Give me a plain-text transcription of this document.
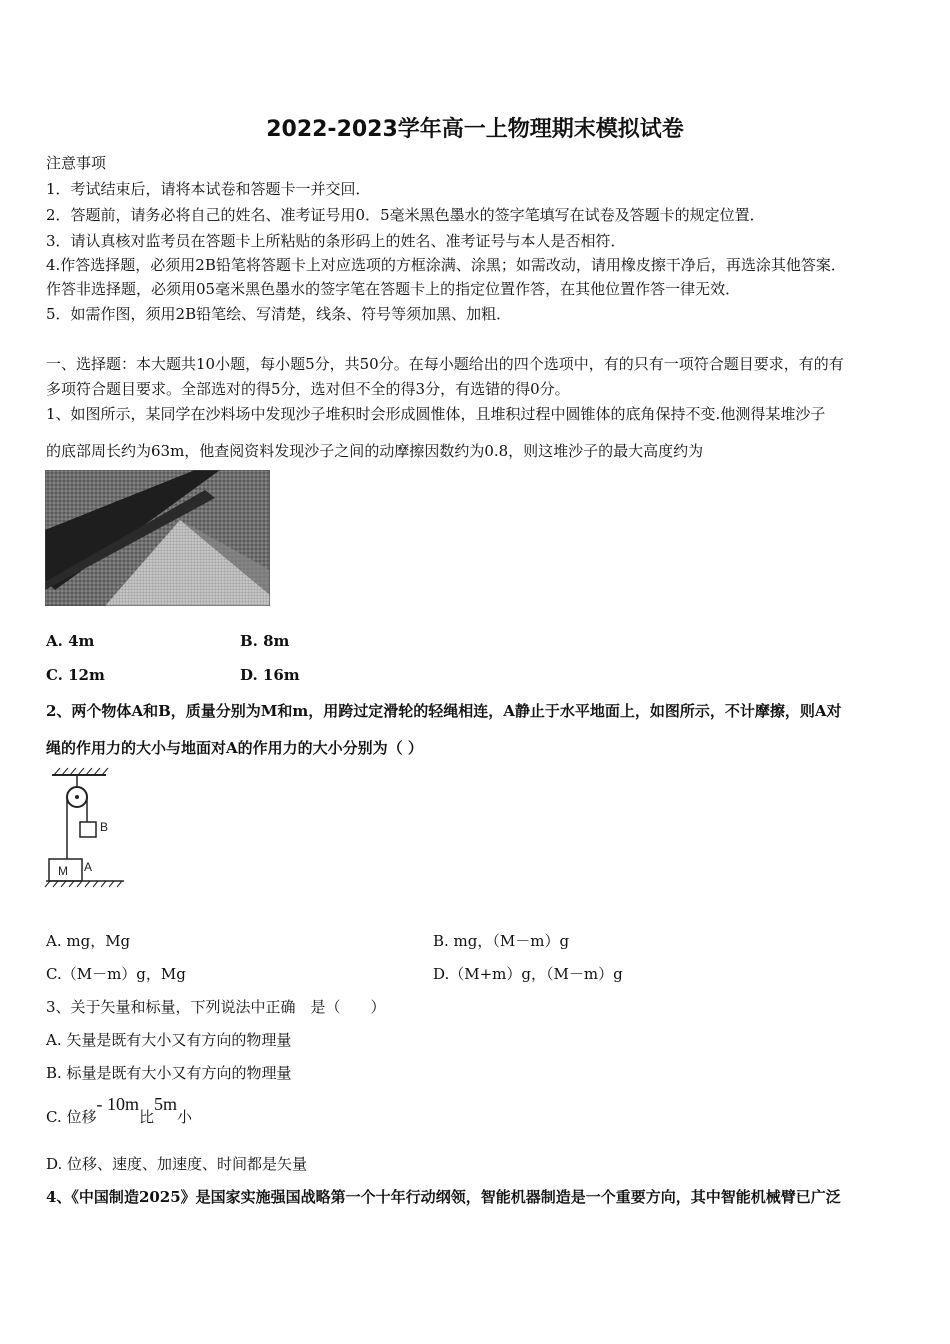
2022-2023学年高一上物理期末模拟试卷
注意事项
1．考试结束后，请将本试卷和答题卡一并交回．
2．答题前，请务必将自己的姓名、准考证号用0．5毫米黑色墨水的签字笔填写在试卷及答题卡的规定位置．
3．请认真核对监考员在答题卡上所粘贴的条形码上的姓名、准考证号与本人是否相符．
4.作答选择题，必须用2B铅笔将答题卡上对应选项的方框涂满、涂黑；如需改动，请用橡皮擦干净后，再选涂其他答案．
作答非选择题，必须用05毫米黑色墨水的签字笔在答题卡上的指定位置作答，在其他位置作答一律无效．
5．如需作图，须用2B铅笔绘、写清楚，线条、符号等须加黑、加粗．
一、选择题：本大题共10小题，每小题5分，共50分。在每小题给出的四个选项中，有的只有一项符合题目要求，有的有
多项符合题目要求。全部选对的得5分，选对但不全的得3分，有选错的得0分。
1、如图所示，某同学在沙料场中发现沙子堆积时会形成圆惟体，且堆积过程中圆锥体的底角保持不变.他测得某堆沙子
的底部周长约为63m，他查阅资料发现沙子之间的动摩擦因数约为0.8，则这堆沙子的最大高度约为
A. 4m	B. 8m
C. 12m	D. 16m
2、两个物体A和B，质量分别为M和m，用跨过定滑轮的轻绳相连，A静止于水平地面上，如图所示，不计摩擦，则A对
绳的作用力的大小与地面对A的作用力的大小分别为（ ）
B
M A
A. mg，Mg	B. mg，（M－m）g
C.（M－m）g，Mg	D.（M+m）g，（M－m）g
3、关于矢量和标量，下列说法中正确　是（　　）
A. 矢量是既有大小又有方向的物理量
B. 标量是既有大小又有方向的物理量
C. 位移- 10m比5m小
D. 位移、速度、加速度、时间都是矢量
4、《中国制造2025》是国家实施强国战略第一个十年行动纲领，智能机器制造是一个重要方向，其中智能机械臂已广泛
